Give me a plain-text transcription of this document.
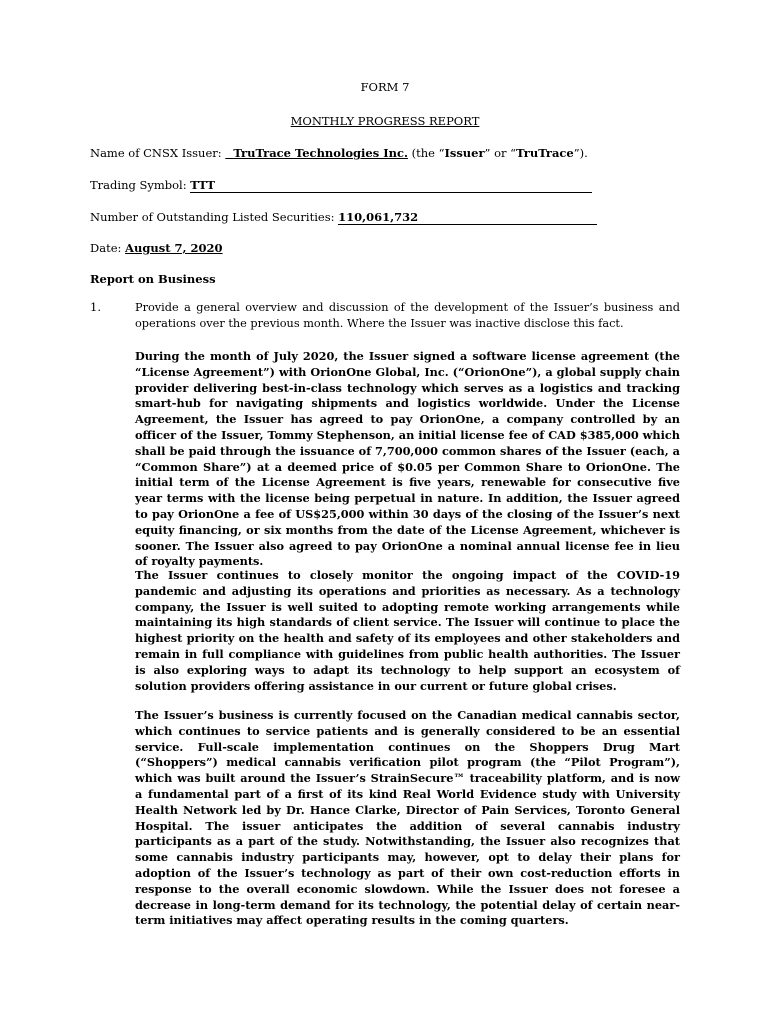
FORM 7
MONTHLY PROGRESS REPORT
Name of CNSX Issuer: TruTrace Technologies Inc. (the “Issuer” or “TruTrace”).
Trading Symbol: TTT
Number of Outstanding Listed Securities: 110,061,732
Date: August 7, 2020
Report on Business
1.	Provide a general overview and discussion of the development of the Issuer’s business and operations over the previous month. Where the Issuer was inactive disclose this fact.
During the month of July 2020, the Issuer signed a software license agreement (the “License Agreement”) with OrionOne Global, Inc. (“OrionOne”), a global supply chain provider delivering best-in-class technology which serves as a logistics and tracking smart-hub for navigating shipments and logistics worldwide. Under the License Agreement, the Issuer has agreed to pay OrionOne, a company controlled by an officer of the Issuer, Tommy Stephenson, an initial license fee of CAD $385,000 which shall be paid through the issuance of 7,700,000 common shares of the Issuer (each, a “Common Share”) at a deemed price of $0.05 per Common Share to OrionOne. The initial term of the License Agreement is five years, renewable for consecutive five year terms with the license being perpetual in nature. In addition, the Issuer agreed to pay OrionOne a fee of US$25,000 within 30 days of the closing of the Issuer’s next equity financing, or six months from the date of the License Agreement, whichever is sooner. The Issuer also agreed to pay OrionOne a nominal annual license fee in lieu of royalty payments.
The Issuer continues to closely monitor the ongoing impact of the COVID-19 pandemic and adjusting its operations and priorities as necessary. As a technology company, the Issuer is well suited to adopting remote working arrangements while maintaining its high standards of client service. The Issuer will continue to place the highest priority on the health and safety of its employees and other stakeholders and remain in full compliance with guidelines from public health authorities. The Issuer is also exploring ways to adapt its technology to help support an ecosystem of solution providers offering assistance in our current or future global crises.
The Issuer’s business is currently focused on the Canadian medical cannabis sector, which continues to service patients and is generally considered to be an essential service. Full-scale implementation continues on the Shoppers Drug Mart (“Shoppers”) medical cannabis verification pilot program (the “Pilot Program”), which was built around the Issuer’s StrainSecure™ traceability platform, and is now a fundamental part of a first of its kind Real World Evidence study with University Health Network led by Dr. Hance Clarke, Director of Pain Services, Toronto General Hospital. The issuer anticipates the addition of several cannabis industry participants as a part of the study. Notwithstanding, the Issuer also recognizes that some cannabis industry participants may, however, opt to delay their plans for adoption of the Issuer’s technology as part of their own cost-reduction efforts in response to the overall economic slowdown. While the Issuer does not foresee a decrease in long-term demand for its technology, the potential delay of certain near-term initiatives may affect operating results in the coming quarters.
